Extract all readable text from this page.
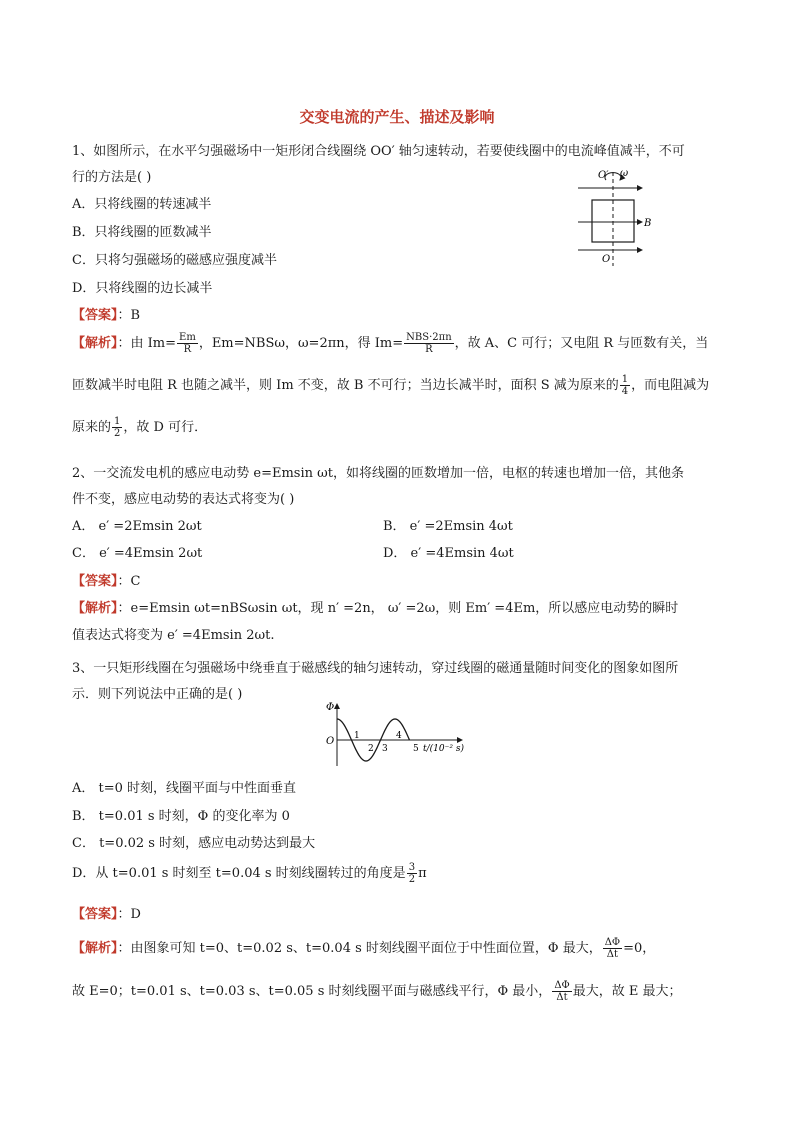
交变电流的产生、描述及影响
1、如图所示，在水平匀强磁场中一矩形闭合线圈绕 OO′ 轴匀速转动，若要使线圈中的电流峰值减半，不可
行的方法是( )
A．只将线圈的转速减半
B．只将线圈的匝数减半
C．只将匀强磁场的磁感应强度减半
D．只将线圈的边长减半
O′ ω
B
O
【答案】：B
【解析】：由 $Im= \frac{Em}{R}$ ，Em=NBSω，ω=2πn，得 $Im= \frac{\text{NBS·2πn}}{R}$ ，故 A、C 可行；又电阻 R 与匝数有关，当
匝数减半时电阻 R 也随之减半，则 Im 不变，故 B 不可行；当边长减半时，面积 S 减为原来的 $\frac{1}{4}$ ，而电阻减为
原来的 $\frac{1}{2}$ ，故 D 可行．
2、一交流发电机的感应电动势 e=Emsin ωt，如将线圈的匝数增加一倍，电枢的转速也增加一倍，其他条
件不变，感应电动势的表达式将变为( )
A． e′ =2Emsin 2ωt	B． e′ =2Emsin 4ωt
C． e′ =4Emsin 2ωt	D． e′ =4Emsin 4ωt
【答案】：C
【解析】：e=Emsin ωt=nBSωsin ωt，现 n′ =2n， ω′ =2ω，则 Em′ =4Em，所以感应电动势的瞬时
值表达式将变为 e′ =4Emsin 2ωt.
3、一只矩形线圈在匀强磁场中绕垂直于磁感线的轴匀速转动，穿过线圈的磁通量随时间变化的图象如图所
示．则下列说法中正确的是( )
Φ
O 1
2 3
4
5 t/(10⁻² s)
A． t=0 时刻，线圈平面与中性面垂直
B． t=0.01 s 时刻，Φ 的变化率为 0
C． t=0.02 s 时刻，感应电动势达到最大
D．从 t=0.01 s 时刻至 t=0.04 s 时刻线圈转过的角度是 $\frac{3}{2}$ π
【答案】：D
【解析】：由图象可知 t=0、t=0.02 s、t=0.04 s 时刻线圈平面位于中性面位置，Φ 最大， $\frac{\Delta\Phi}{\Delta t} =0$，
故 E=0；t=0.01 s、t=0.03 s、t=0.05 s 时刻线圈平面与磁感线平行，Φ 最小， $\frac{\Delta\Phi}{\Delta t}$ 最大，故 E 最大；
